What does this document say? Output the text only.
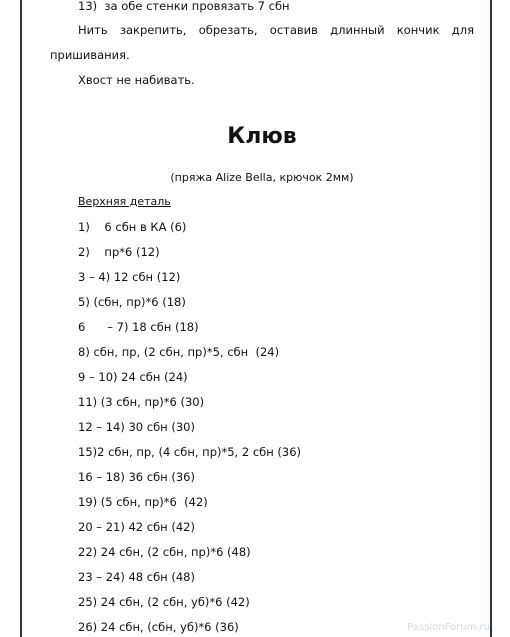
13)  за обе стенки провязать 7 сбн
Нить закрепить, обрезать, оставив длинный кончик для
пришивания.
Хвост не набивать.
Клюв
(пряжа Alize Bella, крючок 2мм)
Верхняя деталь
1)    6 сбн в КА (6)
2)    пр*6 (12)
3 – 4) 12 сбн (12)
5) (сбн, пр)*6 (18)
6      – 7) 18 сбн (18)
8) сбн, пр, (2 сбн, пр)*5, сбн  (24)
9 – 10) 24 сбн (24)
11) (3 сбн, пр)*6 (30)
12 – 14) 30 сбн (30)
15)2 сбн, пр, (4 сбн, пр)*5, 2 сбн (36)
16 – 18) 36 сбн (36)
19) (5 сбн, пр)*6  (42)
20 – 21) 42 сбн (42)
22) 24 сбн, (2 сбн, пр)*6 (48)
23 – 24) 48 сбн (48)
25) 24 сбн, (2 сбн, уб)*6 (42)
26) 24 сбн, (сбн, уб)*6 (36)	PassionForum.ru
